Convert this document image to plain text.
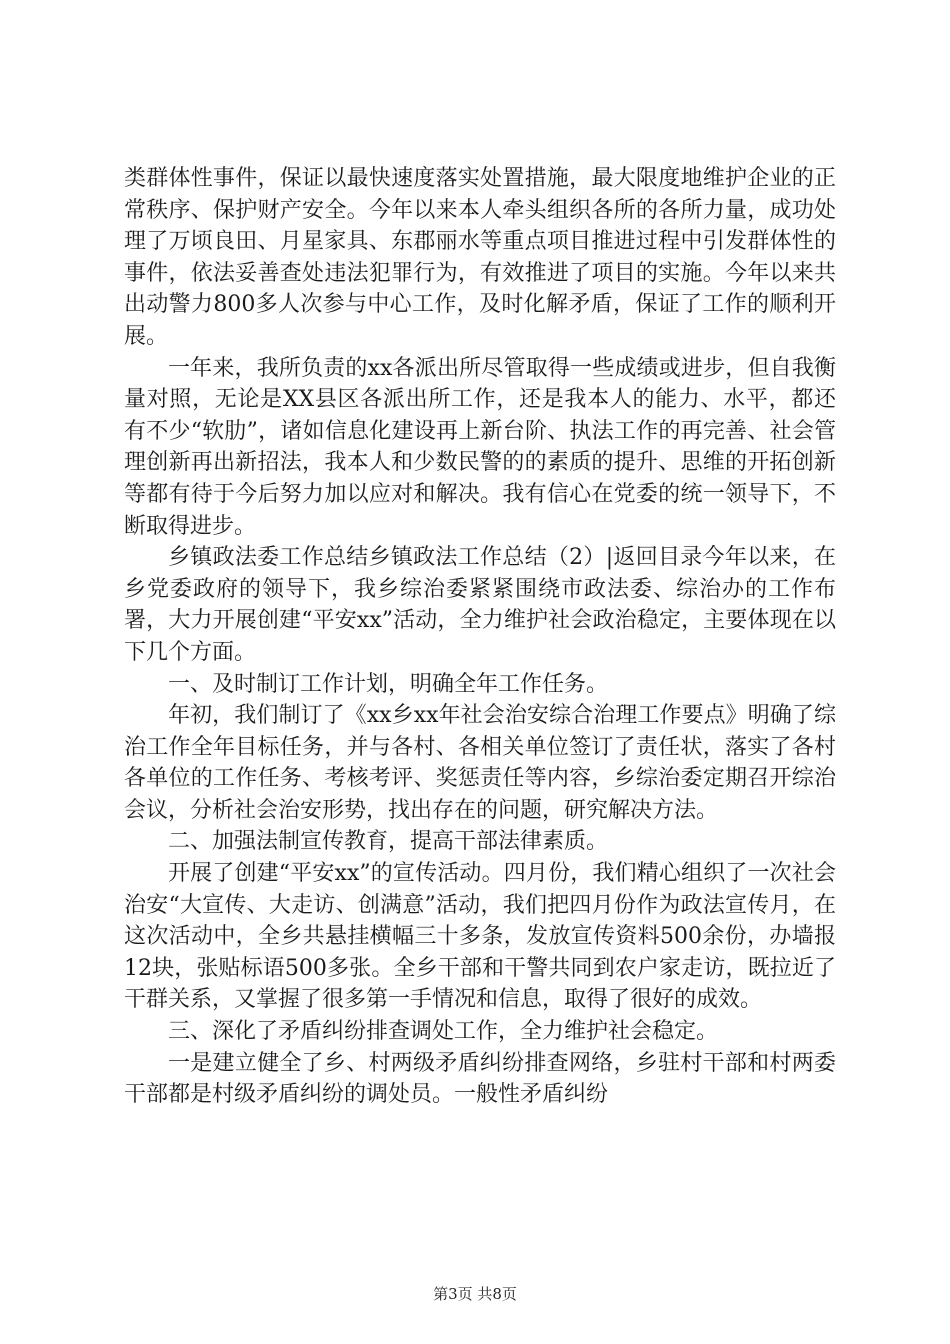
类群体性事件，保证以最快速度落实处置措施，最大限度地维护企业的正常秩序、保护财产安全。今年以来本人牵头组织各所的各所力量，成功处理了万顷良田、月星家具、东郡丽水等重点项目推进过程中引发群体性的事件，依法妥善查处违法犯罪行为，有效推进了项目的实施。今年以来共出动警力800多人次参与中心工作，及时化解矛盾，保证了工作的顺利开展。

一年来，我所负责的xx各派出所尽管取得一些成绩或进步，但自我衡量对照，无论是XX县区各派出所工作，还是我本人的能力、水平，都还有不少“软肋”，诸如信息化建设再上新台阶、执法工作的再完善、社会管理创新再出新招法，我本人和少数民警的的素质的提升、思维的开拓创新等都有待于今后努力加以应对和解决。我有信心在党委的统一领导下，不断取得进步。

乡镇政法委工作总结乡镇政法工作总结（2）|返回目录今年以来，在乡党委政府的领导下，我乡综治委紧紧围绕市政法委、综治办的工作布署，大力开展创建“平安xx”活动，全力维护社会政治稳定，主要体现在以下几个方面。

一、及时制订工作计划，明确全年工作任务。

年初，我们制订了《xx乡xx年社会治安综合治理工作要点》明确了综治工作全年目标任务，并与各村、各相关单位签订了责任状，落实了各村各单位的工作任务、考核考评、奖惩责任等内容，乡综治委定期召开综治会议，分析社会治安形势，找出存在的问题，研究解决方法。

二、加强法制宣传教育，提高干部法律素质。

开展了创建“平安xx”的宣传活动。四月份，我们精心组织了一次社会治安“大宣传、大走访、创满意”活动，我们把四月份作为政法宣传月，在这次活动中，全乡共悬挂横幅三十多条，发放宣传资料500余份，办墙报12块，张贴标语500多张。全乡干部和干警共同到农户家走访，既拉近了干群关系，又掌握了很多第一手情况和信息，取得了很好的成效。

三、深化了矛盾纠纷排查调处工作，全力维护社会稳定。

一是建立健全了乡、村两级矛盾纠纷排查网络，乡驻村干部和村两委干部都是村级矛盾纠纷的调处员。一般性矛盾纠纷

第3页 共8页
